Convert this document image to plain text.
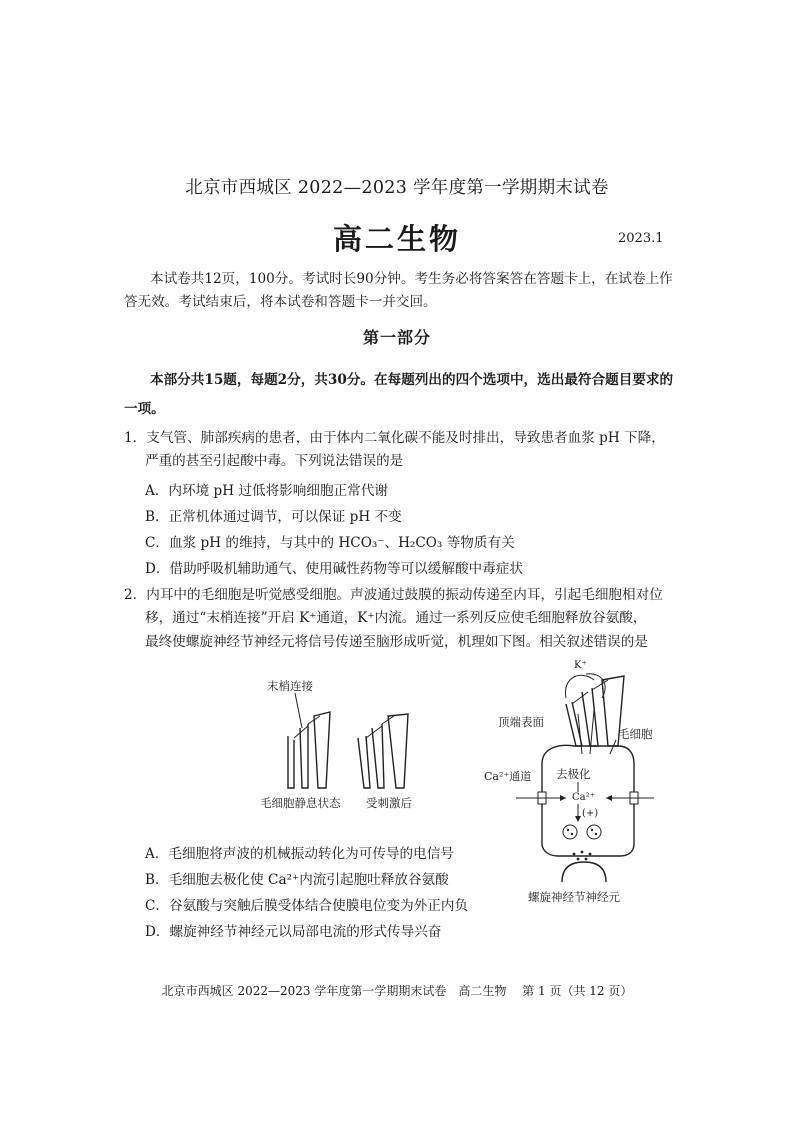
北京市西城区 2022—2023 学年度第一学期期末试卷
高二生物	2023.1
本试卷共12页，100分。考试时长90分钟。考生务必将答案答在答题卡上，在试卷上作
答无效。考试结束后，将本试卷和答题卡一并交回。
第一部分
本部分共15题，每题2分，共30分。在每题列出的四个选项中，选出最符合题目要求的
一项。
1．支气管、肺部疾病的患者，由于体内二氧化碳不能及时排出，导致患者血浆 pH 下降，
严重的甚至引起酸中毒。下列说法错误的是
A．内环境 pH 过低将影响细胞正常代谢
B．正常机体通过调节，可以保证 pH 不变
C．血浆 pH 的维持，与其中的 HCO₃⁻、H₂CO₃ 等物质有关
D．借助呼吸机辅助通气、使用碱性药物等可以缓解酸中毒症状
2．内耳中的毛细胞是听觉感受细胞。声波通过鼓膜的振动传递至内耳，引起毛细胞相对位
移，通过“末梢连接”开启 K⁺通道，K⁺内流。通过一系列反应使毛细胞释放谷氨酸，
最终使螺旋神经节神经元将信号传递至脑形成听觉，机理如下图。相关叙述错误的是
末梢连接
毛细胞静息状态 受刺激后
K⁺
顶端表面
毛细胞
Ca²⁺通道 去极化
Ca²⁺
(+)
螺旋神经节神经元
A．毛细胞将声波的机械振动转化为可传导的电信号
B．毛细胞去极化使 Ca²⁺内流引起胞吐释放谷氨酸
C．谷氨酸与突触后膜受体结合使膜电位变为外正内负
D．螺旋神经节神经元以局部电流的形式传导兴奋
北京市西城区 2022—2023 学年度第一学期期末试卷　高二生物　 第 1 页（共 12 页）
